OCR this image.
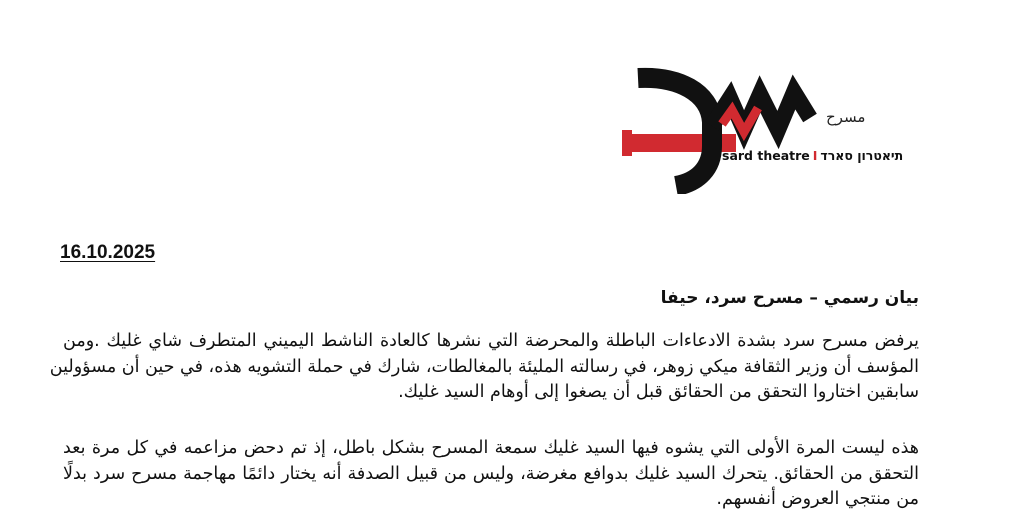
مسرح
sard theatre I תיאטרון סארד
16.10.2025
بيان رسمي – مسرح سرد، حيفا
يرفض مسرح سرد بشدة الادعاءات الباطلة والمحرضة التي نشرها كالعادة الناشط اليميني المتطرف شاي غليك .ومن
المؤسف أن وزير الثقافة ميكي زوهر، في رسالته المليئة بالمغالطات، شارك في حملة التشويه هذه، في حين أن مسؤولين
سابقين اختاروا التحقق من الحقائق قبل أن يصغوا إلى أوهام السيد غليك.
هذه ليست المرة الأولى التي يشوه فيها السيد غليك سمعة المسرح بشكل باطل، إذ تم دحض مزاعمه في كل مرة بعد
التحقق من الحقائق. يتحرك السيد غليك بدوافع مغرضة، وليس من قبيل الصدفة أنه يختار دائمًا مهاجمة مسرح سرد بدلًا
من منتجي العروض أنفسهم.
